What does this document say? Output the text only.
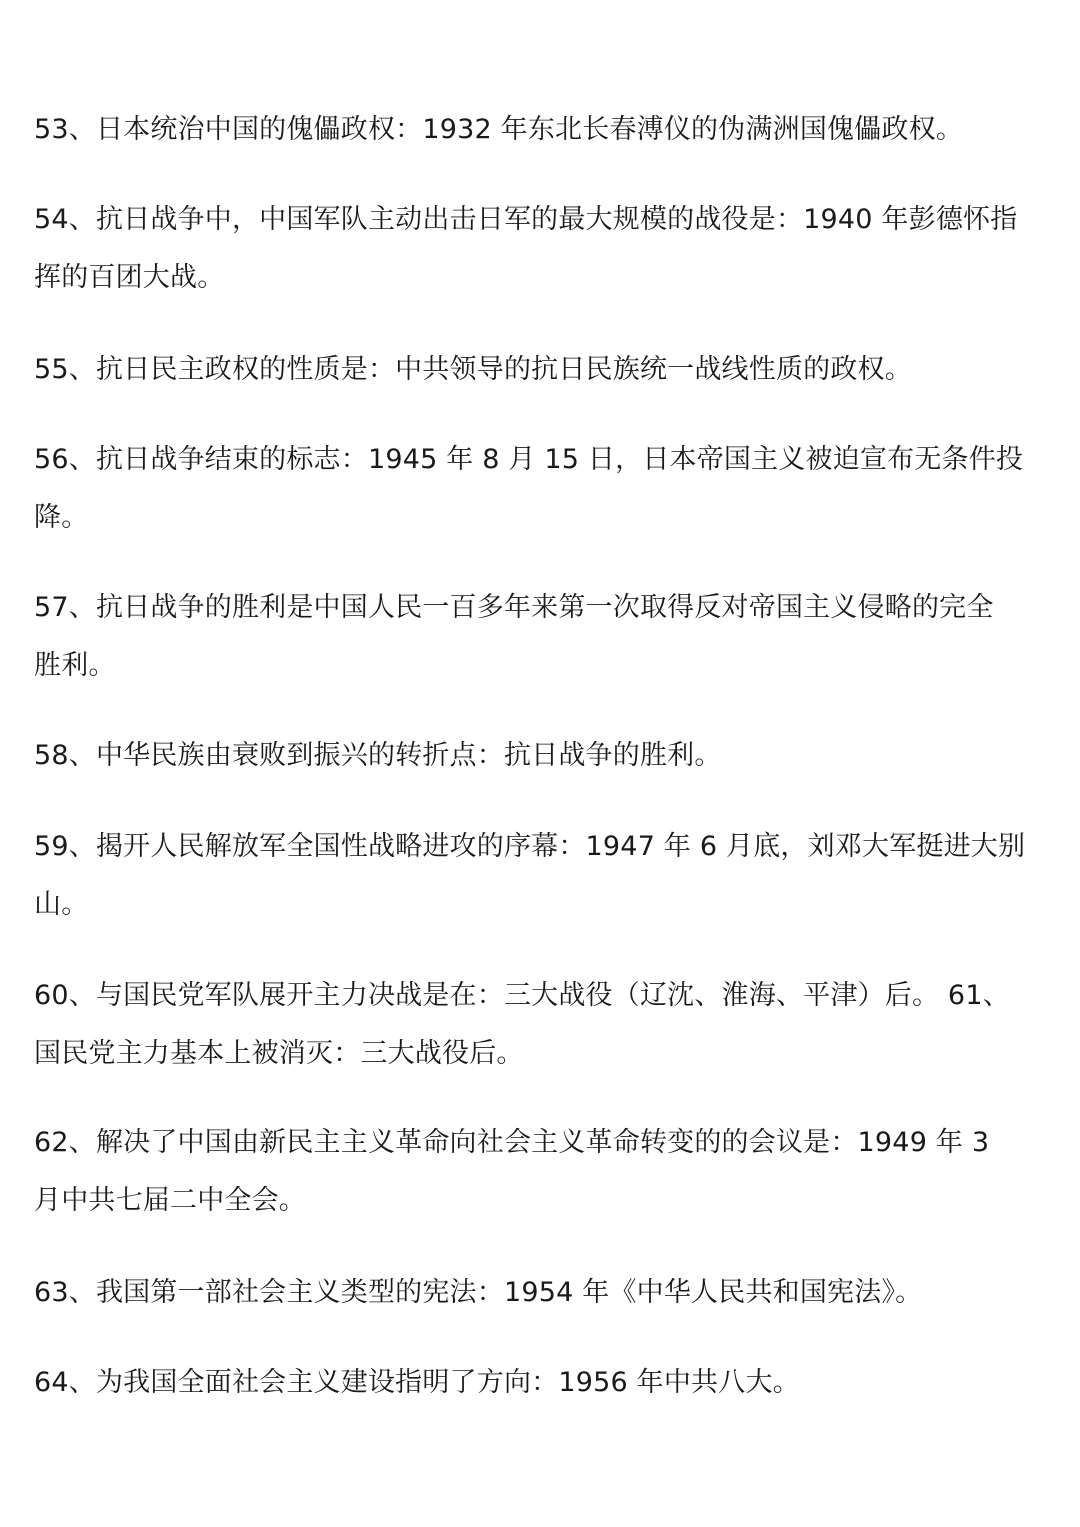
53、日本统治中国的傀儡政权：1932 年东北长春溥仪的伪满洲国傀儡政权。

54、抗日战争中，中国军队主动出击日军的最大规模的战役是：1940 年彭德怀指
挥的百团大战。

55、抗日民主政权的性质是：中共领导的抗日民族统一战线性质的政权。

56、抗日战争结束的标志：1945 年 8 月 15 日，日本帝国主义被迫宣布无条件投
降。

57、抗日战争的胜利是中国人民一百多年来第一次取得反对帝国主义侵略的完全
胜利。

58、中华民族由衰败到振兴的转折点：抗日战争的胜利。

59、揭开人民解放军全国性战略进攻的序幕：1947 年 6 月底，刘邓大军挺进大别
山。

60、与国民党军队展开主力决战是在：三大战役（辽沈、淮海、平津）后。 61、
国民党主力基本上被消灭：三大战役后。

62、解决了中国由新民主主义革命向社会主义革命转变的的会议是：1949 年 3
月中共七届二中全会。

63、我国第一部社会主义类型的宪法：1954 年《中华人民共和国宪法》。

64、为我国全面社会主义建设指明了方向：1956 年中共八大。
